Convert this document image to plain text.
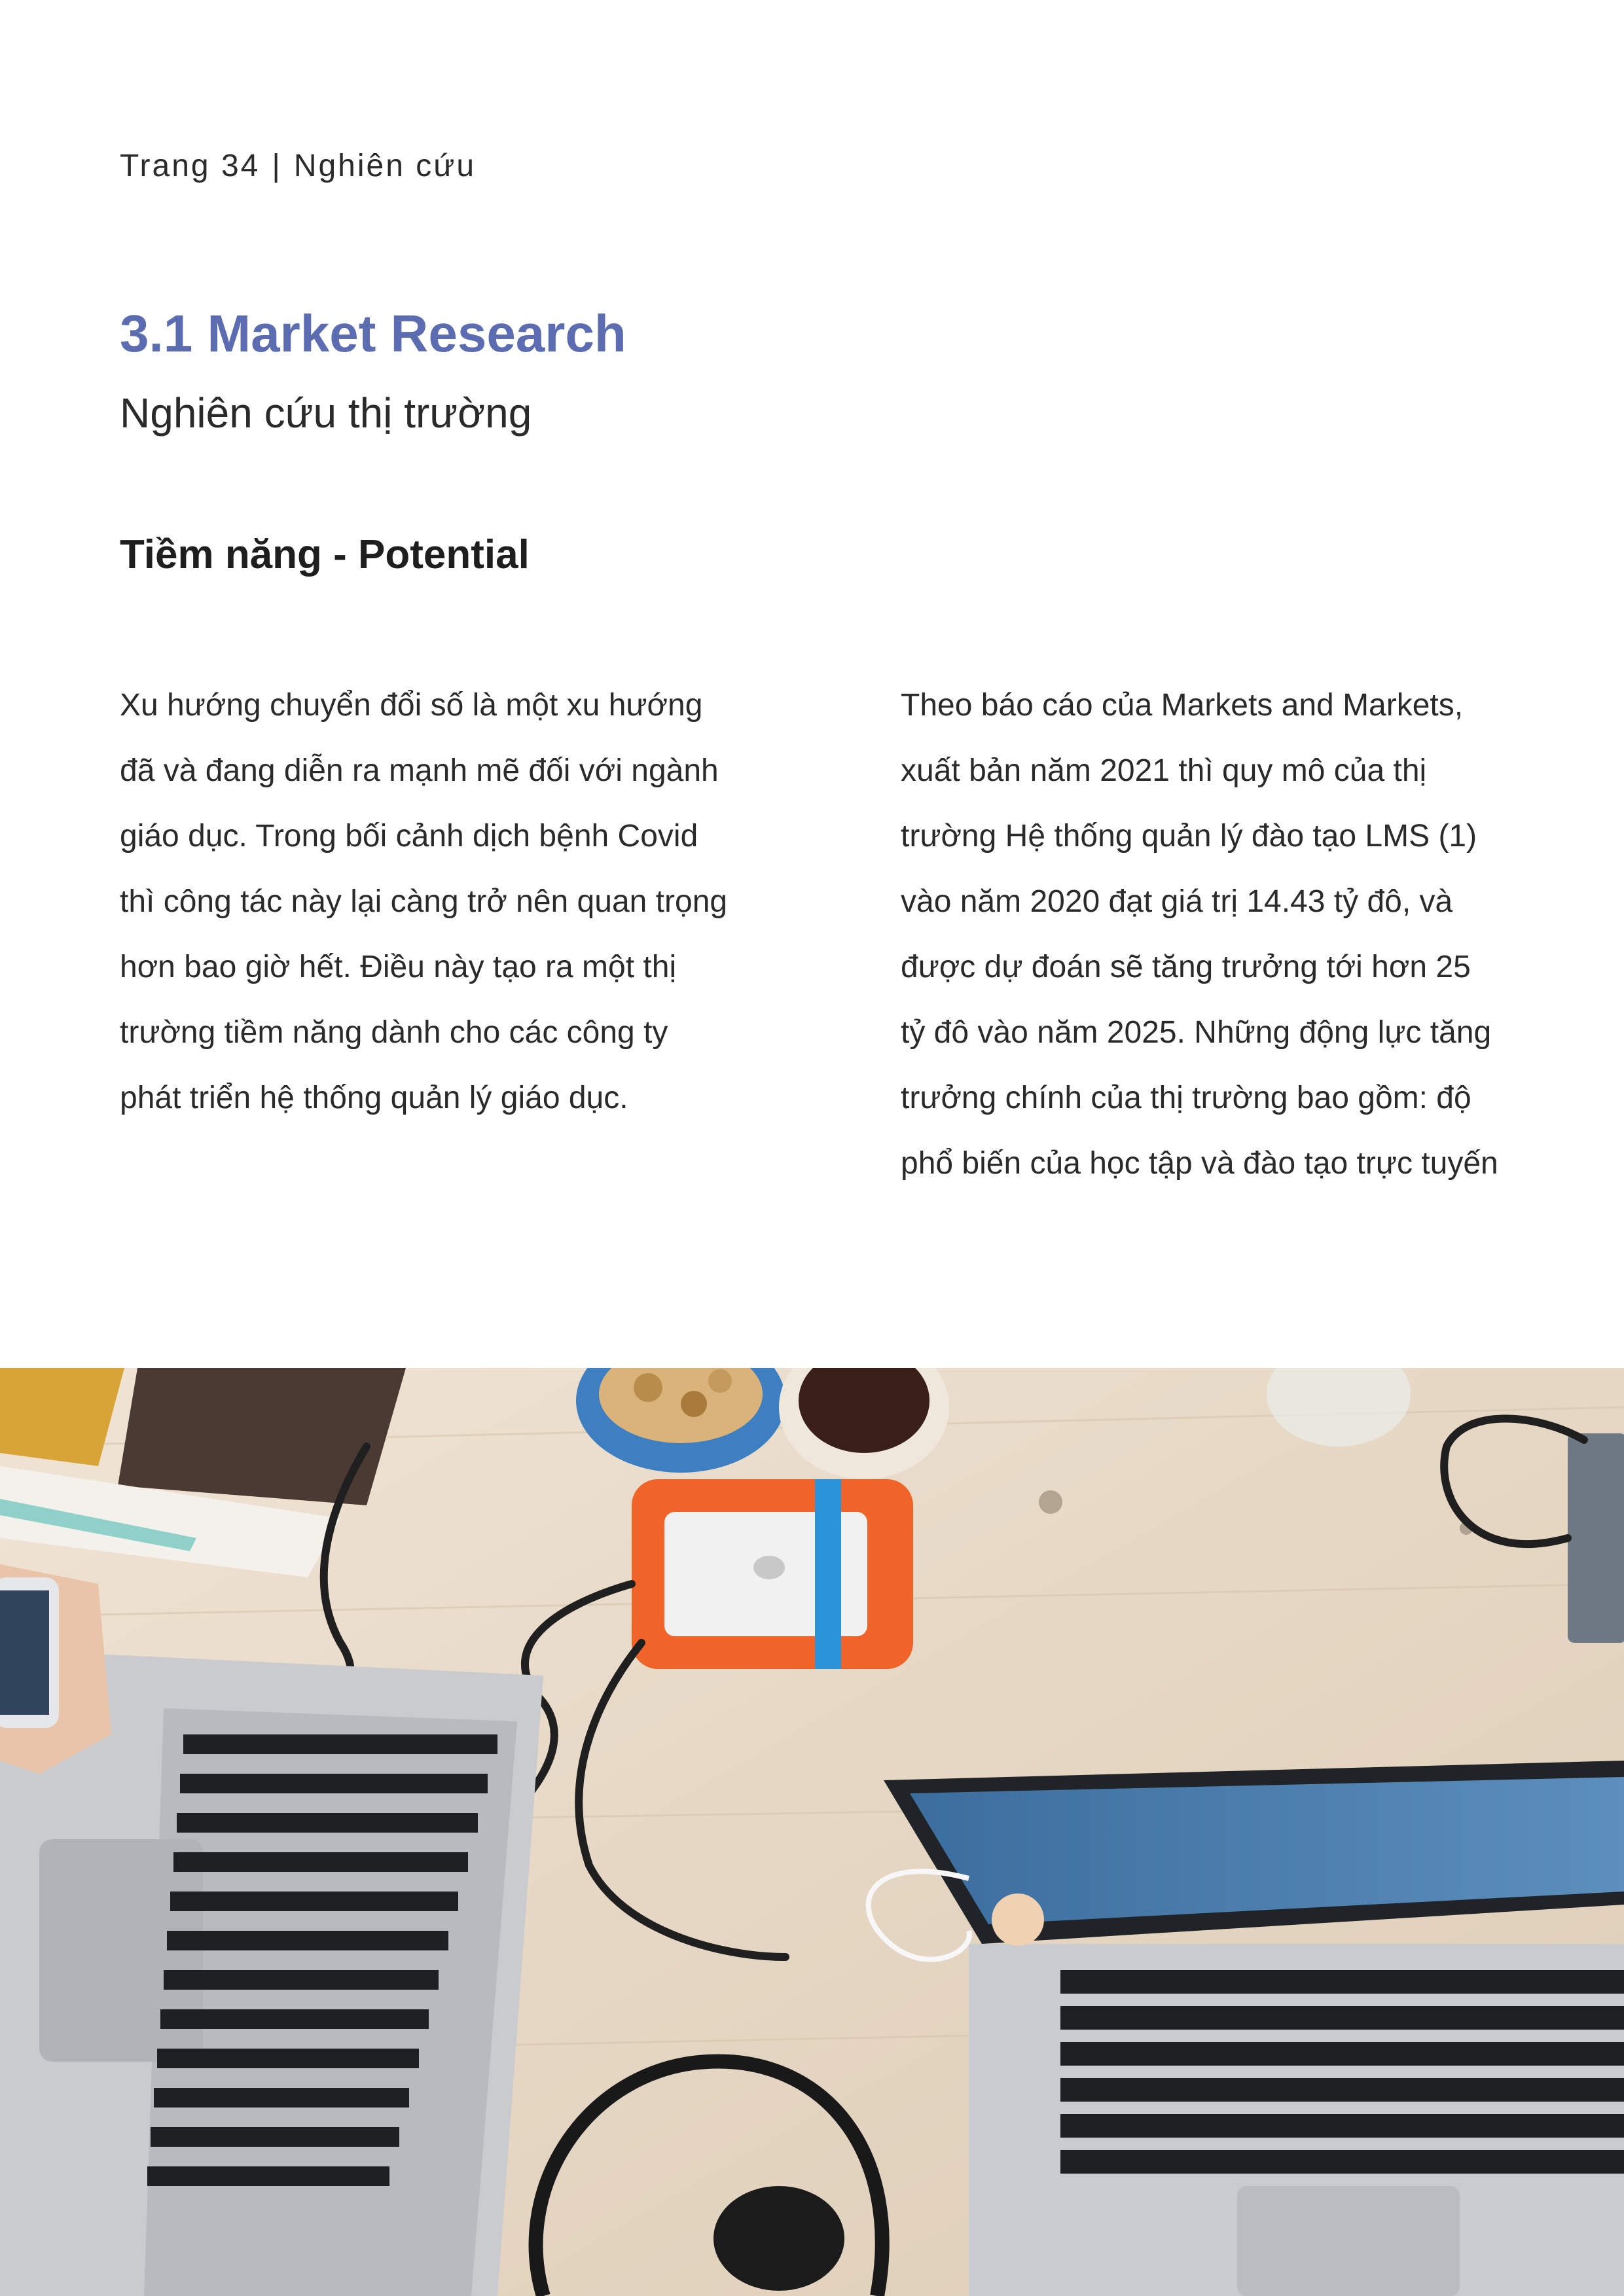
Trang 34 | Nghiên cứu
3.1 Market Research
Nghiên cứu thị trường
Tiềm năng - Potential
Xu hướng chuyển đổi số là một xu hướng
đã và đang diễn ra mạnh mẽ đối với ngành
giáo dục. Trong bối cảnh dịch bệnh Covid
thì công tác này lại càng trở nên quan trọng
hơn bao giờ hết. Điều này tạo ra một thị
trường tiềm năng dành cho các công ty
phát triển hệ thống quản lý giáo dục.
Theo báo cáo của Markets and Markets,
xuất bản năm 2021 thì quy mô của thị
trường Hệ thống quản lý đào tạo LMS (1)
vào năm 2020 đạt giá trị 14.43 tỷ đô, và
được dự đoán sẽ tăng trưởng tới hơn 25
tỷ đô vào năm 2025. Những động lực tăng
trưởng chính của thị trường bao gồm: độ
phổ biến của học tập và đào tạo trực tuyến
